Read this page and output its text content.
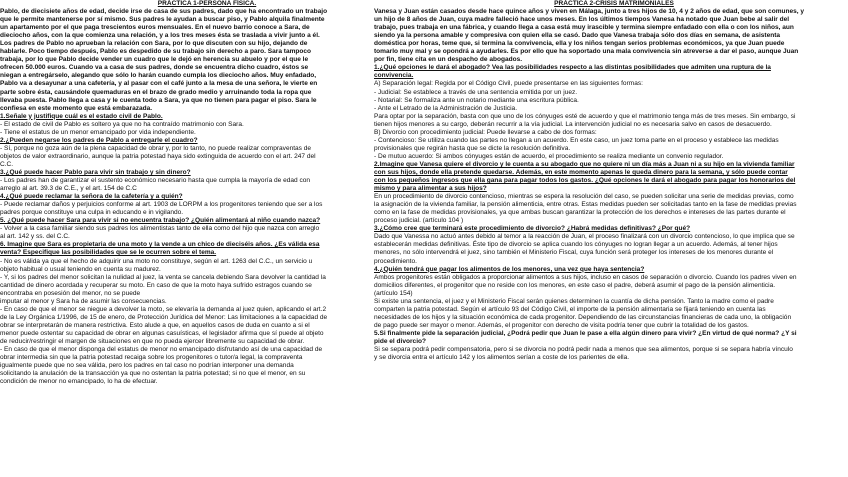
PRÁCTICA 1-PERSONA FÍSICA.
Pablo, de diecisiete años de edad, decide irse de casa de sus padres, dado que ha encontrado un trabajo
que le permite mantenerse por sí mismo. Sus padres le ayudan a buscar piso, y Pablo alquila finalmente
un apartamento por el que paga trescientos euros mensuales. En el nuevo barrio conoce a Sara, de
dieciocho años, con la que comienza una relación, y a los tres meses ésta se traslada a vivir junto a él.
Los padres de Pablo no aprueban la relación con Sara, por lo que discuten con su hijo, dejando de
hablarle. Poco tiempo después, Pablo es despedido de su trabajo sin derecho a paro. Sara tampoco
trabaja, por lo que Pablo decide vender un cuadro que le dejó en herencia su abuelo y por el que le
ofrecen 50.000 euros. Cuando va a casa de sus padres, donde se encuentra dicho cuadro, éstos se
niegan a entregárselo, alegando que sólo lo harán cuando cumpla los dieciocho años. Muy enfadado,
Pablo va a desayunar a una cafetería, y al pasar con el café junto a la mesa de una señora, le vierte en
parte sobre ésta, causándole quemaduras en el brazo de grado medio y arruinando toda la ropa que
llevaba puesta. Pablo llega a casa y le cuenta todo a Sara, ya que no tienen para pagar el piso. Sara le
confiesa en este momento que está embarazada.
1.Señale y justifique cuál es el estado civil de Pablo.
- El estado de civil de Pablo es soltero ya que no ha contraído matrimonio con Sara.
- Tiene el estatus de un menor emancipado por vida independiente.
2.¿Pueden negarse los padres de Pablo a entregarle el cuadro?
- Sí, porque no goza aún de la plena capacidad de obrar y, por lo tanto, no puede realizar compraventas de
objetos de valor extraordinario, aunque la patria potestad haya sido extinguida de acuerdo con el art. 247 del
C.C.
3.¿Qué puede hacer Pablo para vivir sin trabajo y sin dinero?
- Los padres han de garantizar el sustento económico necesario hasta que cumpla la mayoría de edad con
arreglo al art. 39.3 de C.E., y el art. 154 de C.C
4.¿Qué puede reclamar la señora de la cafetería y a quién?
- Puede reclamar daños y perjuicios conforme al art. 1903 de LORPM a los progenitores teniendo que ser a los
padres porque constituye una culpa in educando e in vigilando.
5. ¿Qué puede hacer Sara para vivir si no encuentra trabajo? ¿Quién alimentará al niño cuando nazca?
- Volver a la casa familiar siendo sus padres los alimentistas tanto de ella como del hijo que nazca con arreglo
al art. 142 y ss. del C.C.
6. Imagine que Sara es propietaria de una moto y la vende a un chico de dieciséis años. ¿Es válida esa
venta? Especifique las posibilidades que se le ocurren sobre el tema.
- No es válida ya que el hecho de adquirir una moto no constituye, según el art. 1263 del C.C., un servicio u
objeto habitual o usual teniendo en cuenta su madurez.
- Y, si los padres del menor solicitan la nulidad al juez, la venta se cancela debiendo Sara devolver la cantidad la
cantidad de dinero acordada y recuperar su moto. En caso de que la moto haya sufrido estragos cuando se
encontraba en posesión del menor, no se puede
imputar al menor y Sara ha de asumir las consecuencias.
- En caso de que el menor se niegue a devolver la moto, se elevaría la demanda al juez quien, aplicando el art.2
de la Ley Orgánica 1/1996, de 15 de enero, de Protección Jurídica del Menor: Las limitaciones a la capacidad de
obrar se interpretarán de manera restrictiva. Esto alude a que, en aquellos casos de duda en cuanto a si el
menor puede ostentar su capacidad de obrar en algunas casuísticas, el legislador afirma que sí puede al objeto
de reducir/restringir el margen de situaciones en que no pueda ejercer libremente su capacidad de obrar.
- En caso de que el menor disponga del estatus de menor no emancipado disfrutando así de una capacidad de
obrar intermedia sin que la patria potestad recaiga sobre los progenitores o tutor/a legal, la compraventa
igualmente puede que no sea válida, pero los padres en tal caso no podrían interponer una demanda
solicitando la anulación de la transacción ya que no ostentan la patria potestad; si no que el menor, en su
condición de menor no emancipado, lo ha de efectuar.
PRÁCTICA 2-CRISIS MATRIMONIALES
Vanesa y Juan están casados desde hace quince años y viven en Málaga, junto a tres hijos de 10, 4 y 2 años de edad, que son comunes, y
un hijo de 8 años de Juan, cuya madre falleció hace unos meses. En los últimos tiempos Vanesa ha notado que Juan bebe al salir del
trabajo, pues trabaja en una fábrica, y cuando llega a casa está muy irascible y termina siempre enfadado con ella o con los niños, aun
siendo ya la persona amable y compresiva con quien ella se casó. Dado que Vanesa trabaja sólo dos días en semana, de asistenta
doméstica por horas, teme que, si termina la convivencia, ella y los niños tengan serios problemas económicos, ya que Juan puede
tomarlo muy mal y se opondrá a ayudarles. Es por ello que ha soportado una mala convivencia sin atreverse a dar el paso, aunque Juan
por fin, tiene cita en un despacho de abogados.
1.¿Qué opciones le dará el abogado? Vea las posibilidades respecto a las distintas posibilidades que admiten una ruptura de la
convivencia.
A) Separación legal: Regida por el Código Civil, puede presentarse en las siguientes formas:
- Judicial: Se establece a través de una sentencia emitida por un juez.
- Notarial: Se formaliza ante un notario mediante una escritura pública.
- Ante el Letrado de la Administración de Justicia.
Para optar por la separación, basta con que uno de los cónyuges esté de acuerdo y que el matrimonio tenga más de tres meses. Sin embargo, si
tienen hijos menores a su cargo, deberán recurrir a la vía judicial. La intervención judicial no es necesaria salvo en casos de desacuerdo.
B) Divorcio con procedimiento judicial: Puede llevarse a cabo de dos formas:
- Contencioso: Se utiliza cuando las partes no llegan a un acuerdo. En este caso, un juez toma parte en el proceso y establece las medidas
provisionales que regirán hasta que se dicte la resolución definitiva.
- De mutuo acuerdo: Si ambos cónyuges están de acuerdo, el procedimiento se realiza mediante un convenio regulador.
2.Imagine que Vanesa quiere el divorcio y le cuenta a su abogado que no quiere ni un día más a Juan ni a su hijo en la vivienda familiar
con sus hijos, donde ella pretende quedarse. Además, en este momento apenas le queda dinero para la semana, y sólo puede contar
con los pequeños ingresos que ella gana para pagar todos los gastos. ¿Qué opciones le dará el abogado para pagar los honorarios del
mismo y para alimentar a sus hijos?
En un procedimiento de divorcio contencioso, mientras se espera la resolución del caso, se pueden solicitar una serie de medidas previas, como
la asignación de la vivienda familiar, la pensión alimenticia, entre otras. Estas medidas pueden ser solicitadas tanto en la fase de medidas previas
como en la fase de medidas provisionales, ya que ambas buscan garantizar la protección de los derechos e intereses de las partes durante el
proceso judicial. (artículo 104 )
3.¿Cómo cree que terminará este procedimiento de divorcio? ¿Habrá medidas definitivas? ¿Por qué?
Dado que Vanessa no actuó antes debido al temor a la reacción de Juan, el proceso finalizará con un divorcio contencioso, lo que implica que se
establecerán medidas definitivas. Éste tipo de divorcio se aplica cuando los cónyuges no logran llegar a un acuerdo. Además, al tener hijos
menores, no sólo intervendrá el juez, sino también el Ministerio Fiscal, cuya función será proteger los intereses de los menores durante el
procedimiento.
4.¿Quién tendrá que pagar los alimentos de los menores, una vez que haya sentencia?
Ambos progenitores están obligados a proporcionar alimentos a sus hijos, incluso en casos de separación o divorcio. Cuando los padres viven en
domicilios diferentes, el progenitor que no reside con los menores, en este caso el padre, deberá asumir el pago de la pensión alimenticia.
(artículo 154)
Si existe una sentencia, el juez y el Ministerio Fiscal serán quienes determinen la cuantía de dicha pensión. Tanto la madre como el padre
comparten la patria potestad. Según el artículo 93 del Código Civil, el importe de la pensión alimentaria se fijará teniendo en cuenta las
necesidades de los hijos y la situación económica de cada progenitor. Dependiendo de las circunstancias financieras de cada uno, la obligación
de pago puede ser mayor o menor. Además, el progenitor con derecho de visita podría tener que cubrir la totalidad de los gastos.
5.Si finalmente pide la separación judicial, ¿Podrá pedir que Juan le pase a ella algún dinero para vivir? ¿En virtud de qué norma? ¿Y si
pide el divorcio?
Si se separa podrá pedir compensatoria, pero si se divorcia no podrá pedir nada a menos que sea alimentos, porque si se separa habría vínculo
y se divorcia entra el artículo 142 y los alimentos serían a coste de los parientes de ella.
